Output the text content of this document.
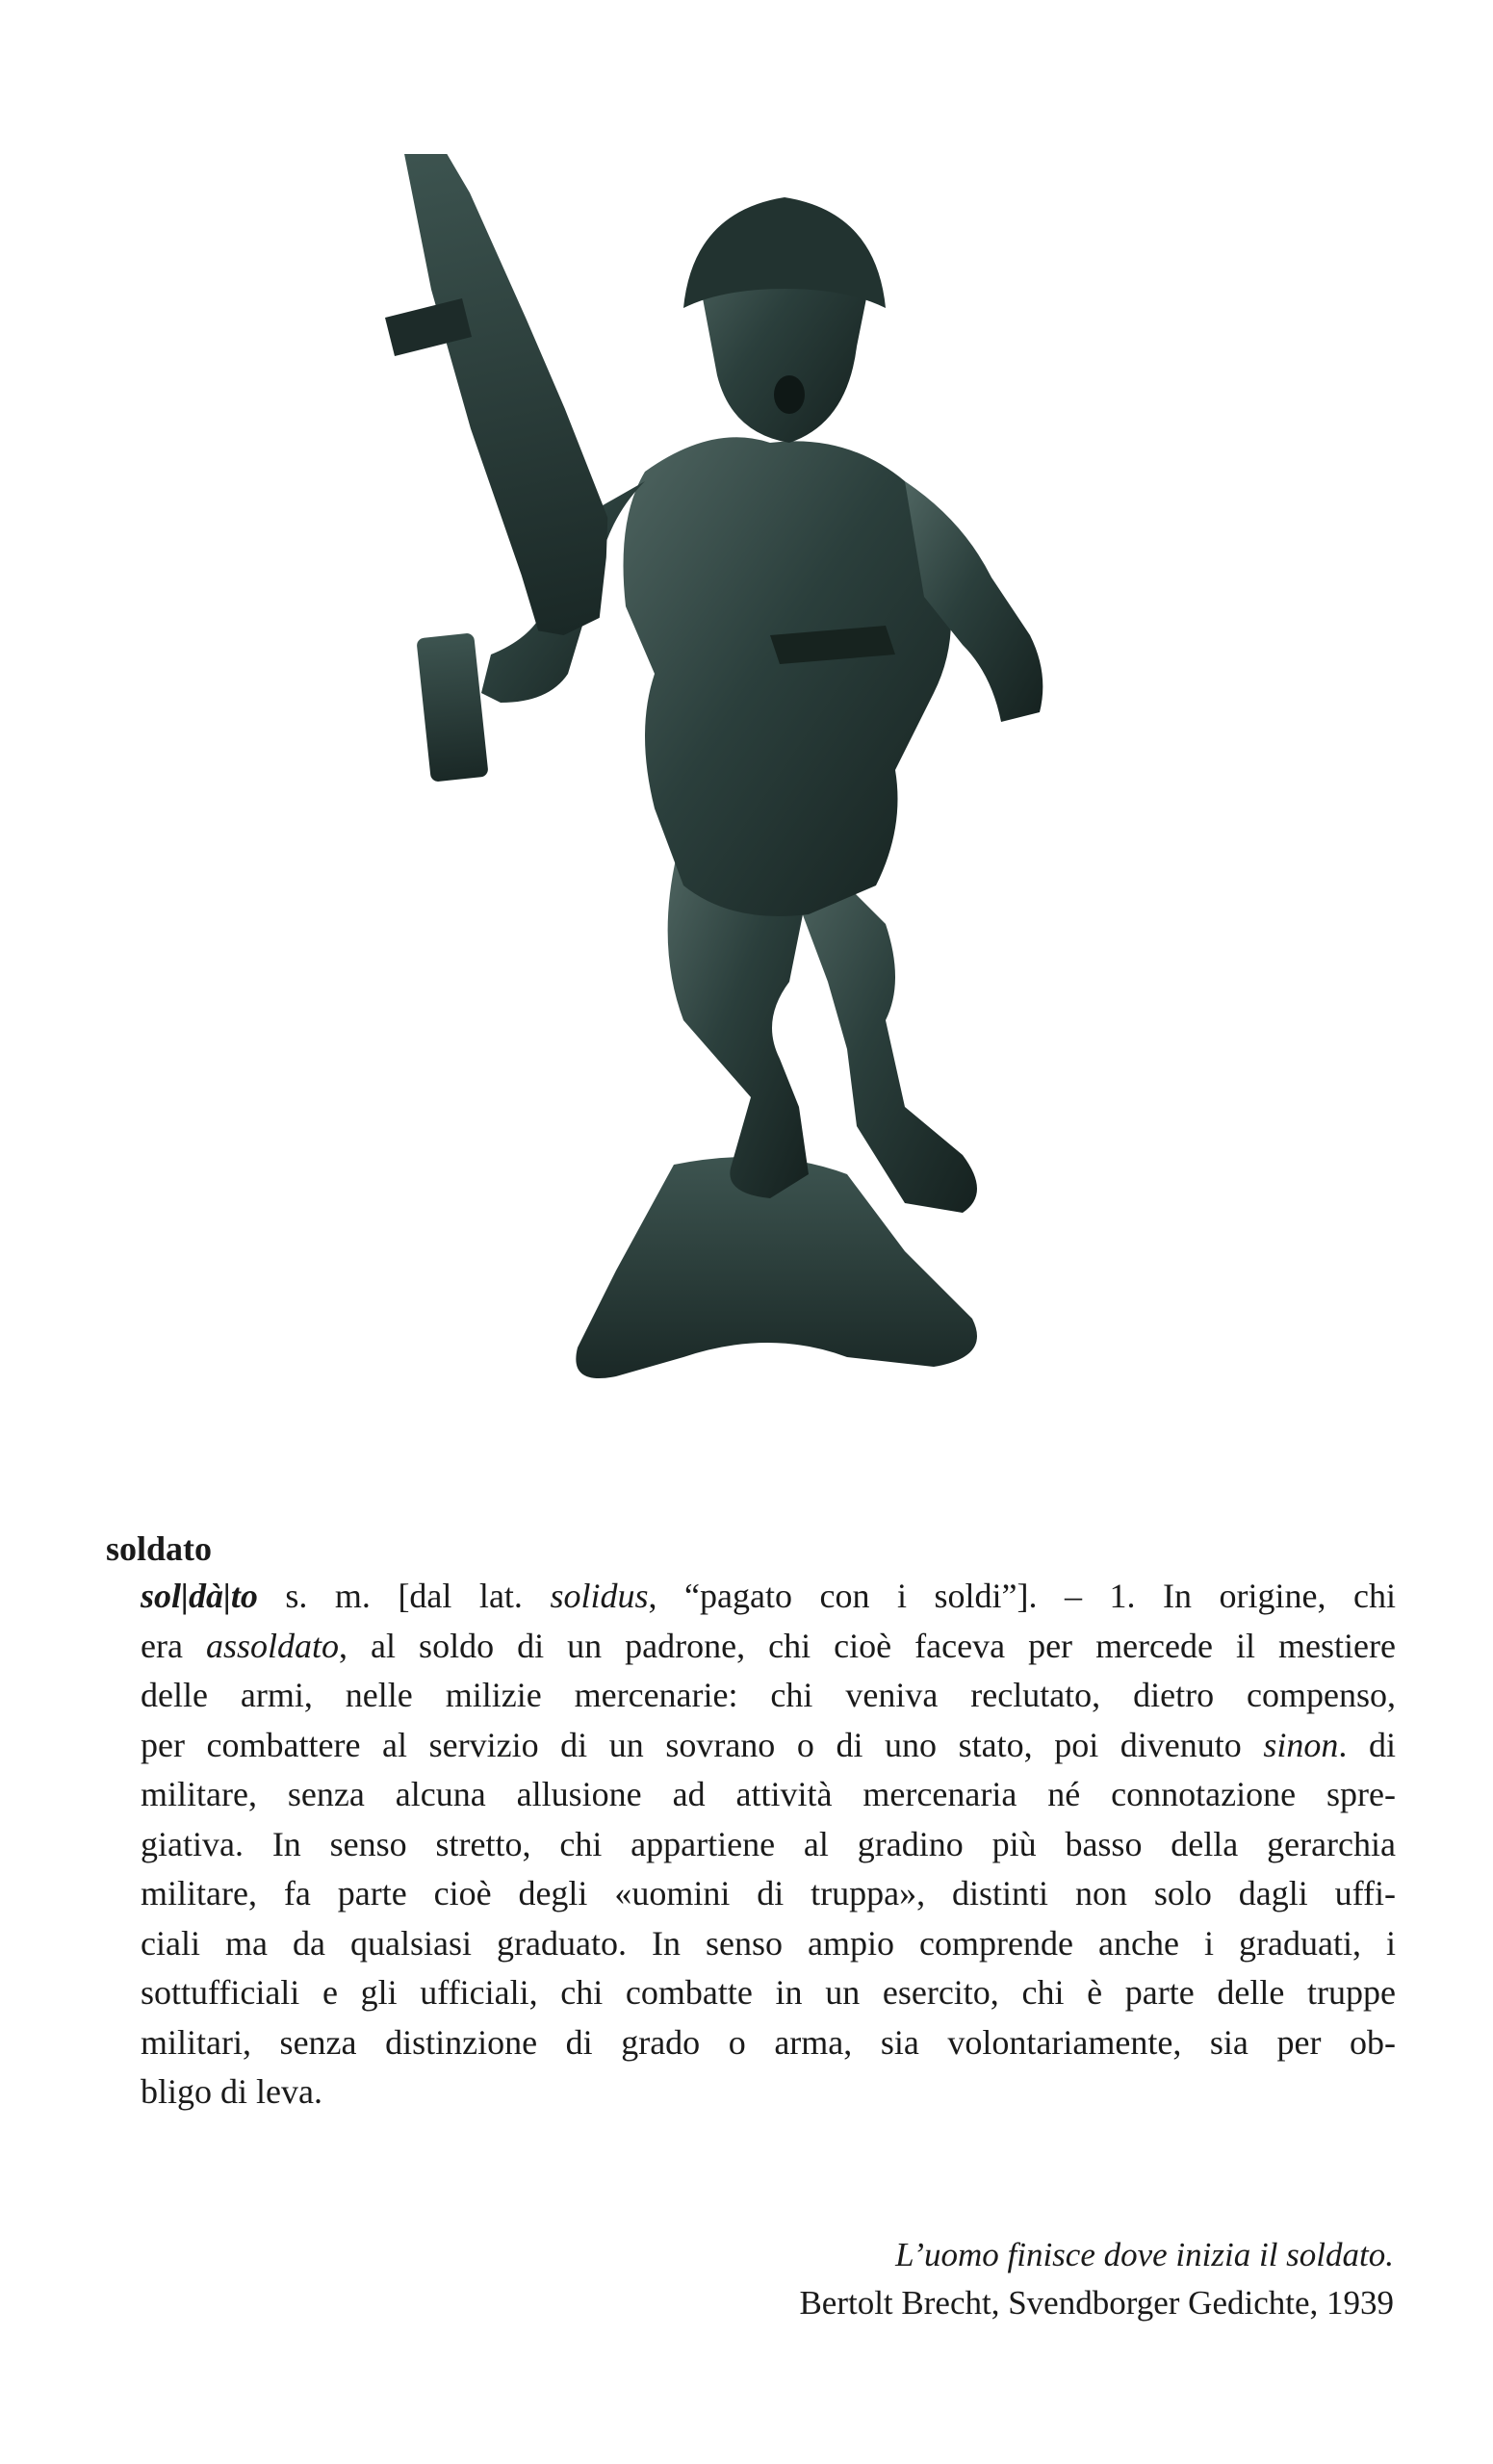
soldato

sol|dà|to s. m. [dal lat. solidus, “pagato con i soldi”]. – 1. In origine, chi
era assoldato, al soldo di un padrone, chi cioè faceva per mercede il mestiere
delle armi, nelle milizie mercenarie: chi veniva reclutato, dietro compenso,
per combattere al servizio di un sovrano o di uno stato, poi divenuto sinon. di
militare, senza alcuna allusione ad attività mercenaria né connotazione spre-
giativa. In senso stretto, chi appartiene al gradino più basso della gerarchia
militare, fa parte cioè degli «uomini di truppa», distinti non solo dagli uffi-
ciali ma da qualsiasi graduato. In senso ampio comprende anche i graduati, i
sottufficiali e gli ufficiali, chi combatte in un esercito, chi è parte delle truppe
militari, senza distinzione di grado o arma, sia volontariamente, sia per ob-
bligo di leva.

L’uomo finisce dove inizia il soldato.
Bertolt Brecht, Svendborger Gedichte, 1939
